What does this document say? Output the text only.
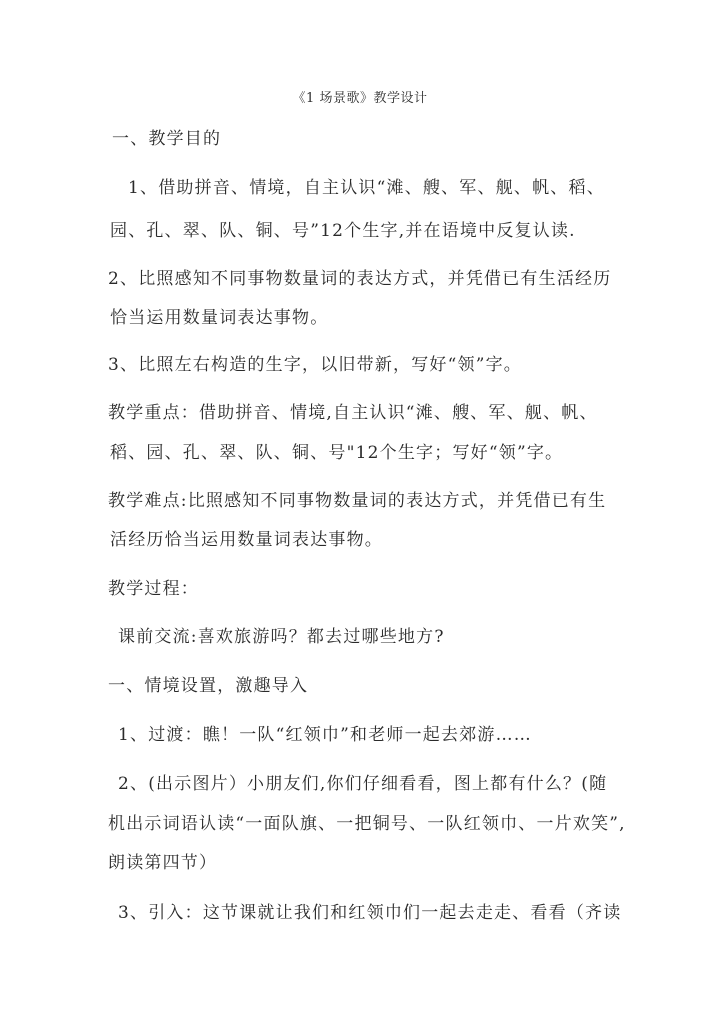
《1 场景歌》教学设计
一、教学目的
1、借助拼音、情境，自主认识“滩、艘、军、舰、帆、稻、
园、孔、翠、队、铜、号”12个生字,并在语境中反复认读.
2、比照感知不同事物数量词的表达方式，并凭借已有生活经历
恰当运用数量词表达事物。
3、比照左右构造的生字，以旧带新，写好“领”字。
教学重点：借助拼音、情境,自主认识“滩、艘、军、舰、帆、
稻、园、孔、翠、队、铜、号"12个生字；写好“领”字。
教学难点:比照感知不同事物数量词的表达方式，并凭借已有生
活经历恰当运用数量词表达事物。
教学过程：
课前交流:喜欢旅游吗？都去过哪些地方?
一、情境设置，激趣导入
1、过渡：瞧！一队“红领巾”和老师一起去郊游……
2、(出示图片）小朋友们,你们仔细看看，图上都有什么？(随
机出示词语认读“一面队旗、一把铜号、一队红领巾、一片欢笑”,
朗读第四节）
3、引入：这节课就让我们和红领巾们一起去走走、看看（齐读
